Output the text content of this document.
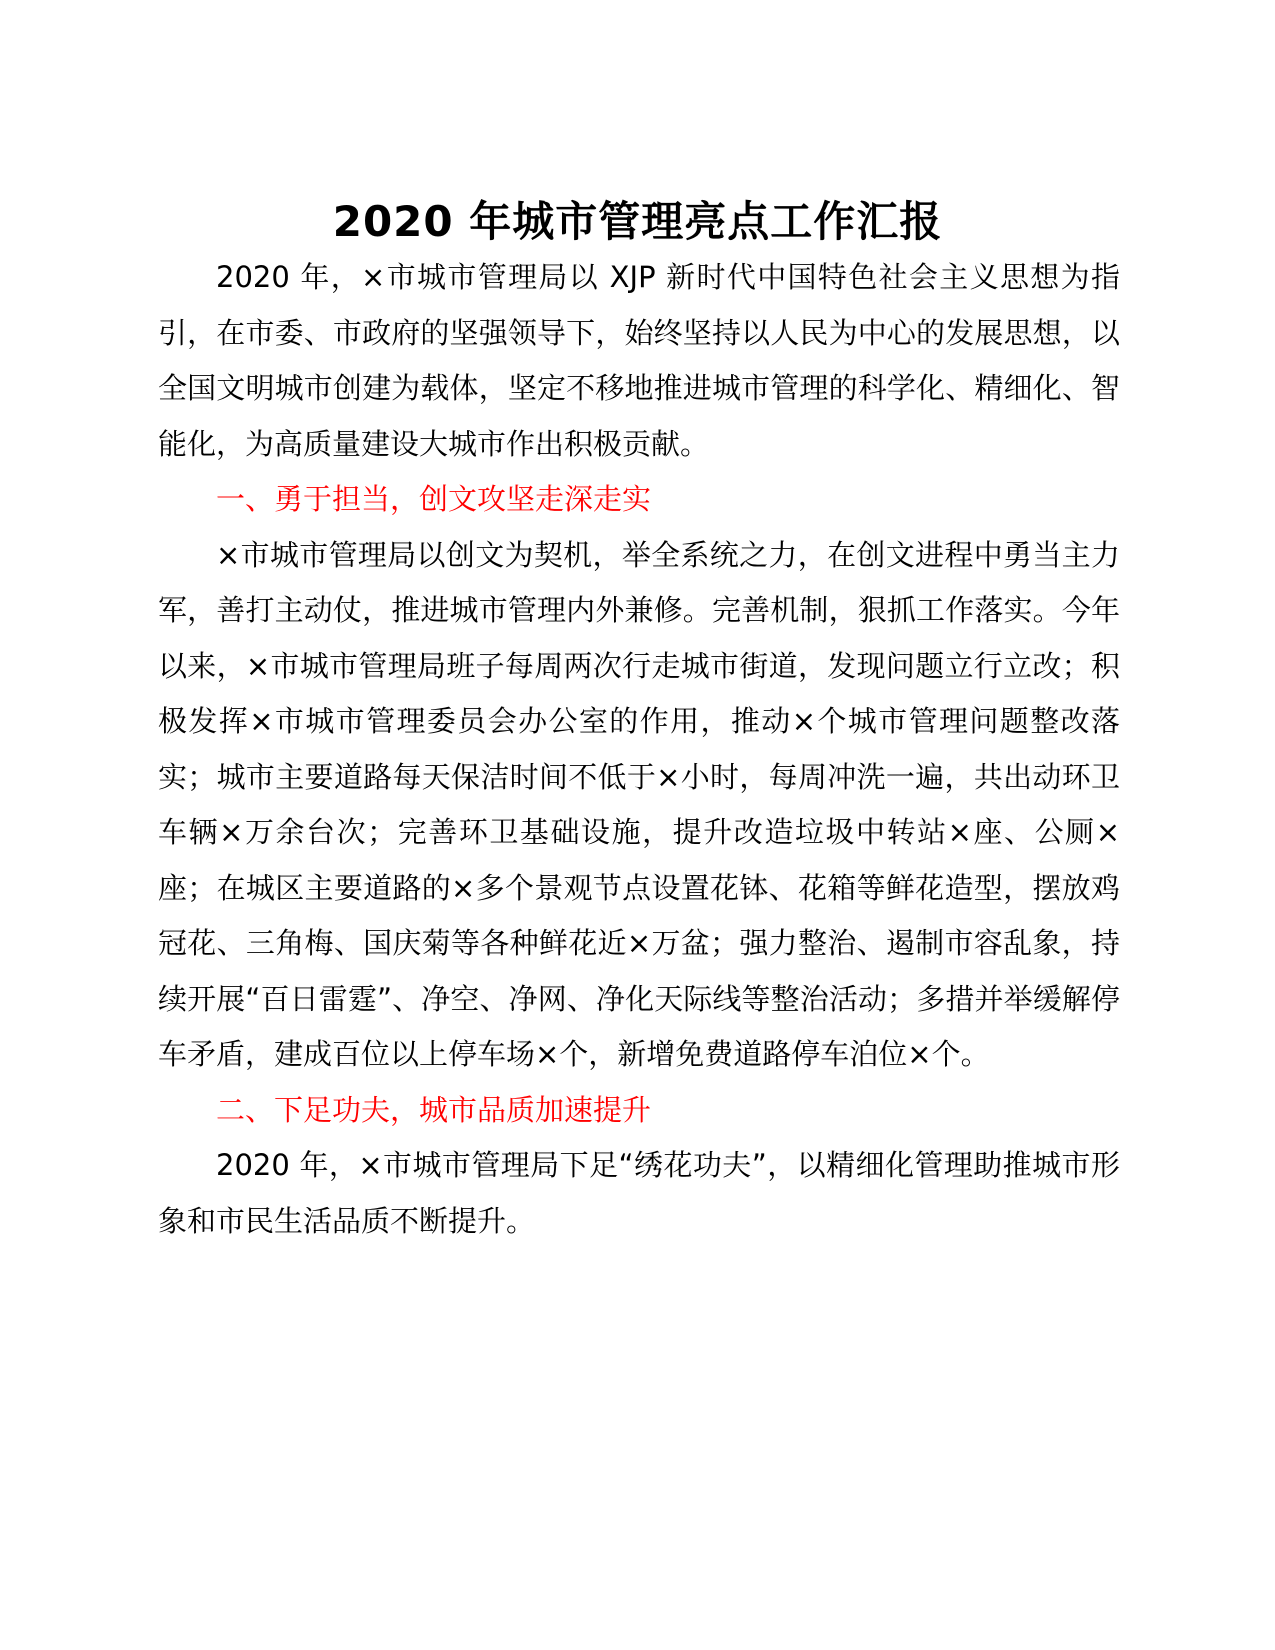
2020 年城市管理亮点工作汇报

2020 年，×市城市管理局以 XJP 新时代中国特色社会主义思想为指引，在市委、市政府的坚强领导下，始终坚持以人民为中心的发展思想，以全国文明城市创建为载体，坚定不移地推进城市管理的科学化、精细化、智能化，为高质量建设大城市作出积极贡献。

一、勇于担当，创文攻坚走深走实

×市城市管理局以创文为契机，举全系统之力，在创文进程中勇当主力军，善打主动仗，推进城市管理内外兼修。完善机制，狠抓工作落实。今年以来，×市城市管理局班子每周两次行走城市街道，发现问题立行立改；积极发挥×市城市管理委员会办公室的作用，推动×个城市管理问题整改落实；城市主要道路每天保洁时间不低于×小时，每周冲洗一遍，共出动环卫车辆×万余台次；完善环卫基础设施，提升改造垃圾中转站×座、公厕×座；在城区主要道路的×多个景观节点设置花钵、花箱等鲜花造型，摆放鸡冠花、三角梅、国庆菊等各种鲜花近×万盆；强力整治、遏制市容乱象，持续开展“百日雷霆”、净空、净网、净化天际线等整治活动；多措并举缓解停车矛盾，建成百位以上停车场×个，新增免费道路停车泊位×个。

二、下足功夫，城市品质加速提升

2020 年，×市城市管理局下足“绣花功夫”，以精细化管理助推城市形象和市民生活品质不断提升。
